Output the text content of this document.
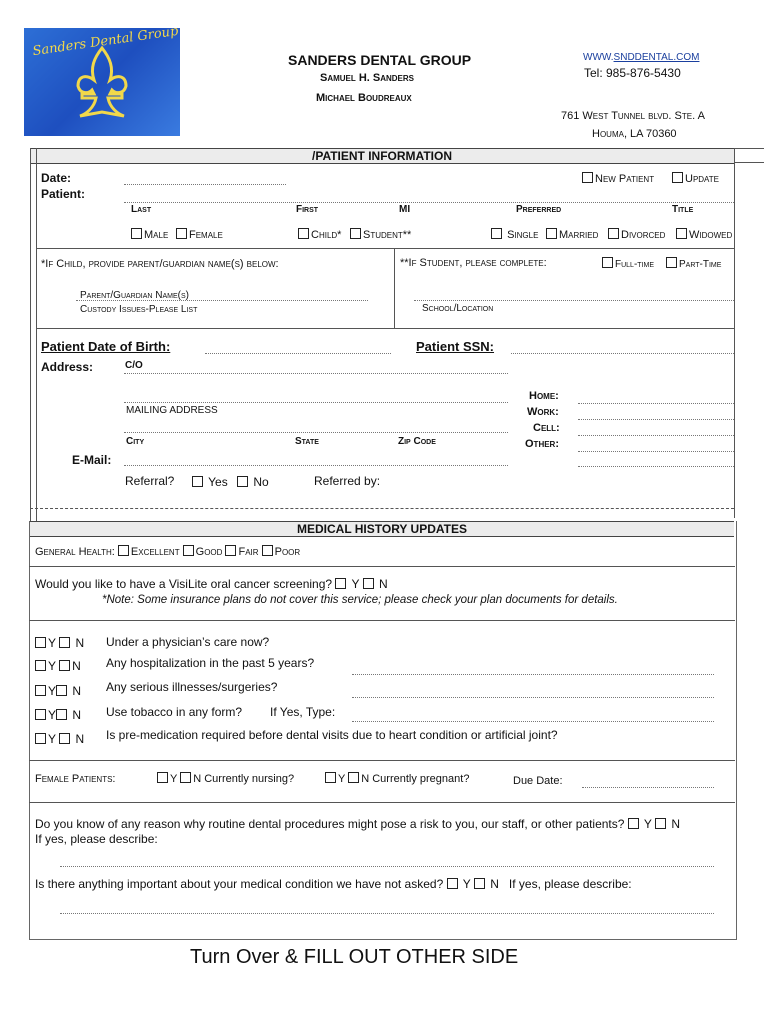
Sanders Dental Group
SANDERS DENTAL GROUP
Samuel H. Sanders
Michael Boudreaux
WWW.SNDDENTAL.COM
Tel: 985-876-5430
761 West Tunnel blvd. Ste. A
Houma, LA 70360
/PATIENT INFORMATION
Date:
Patient:
New Patient	Update
Last	First	MI	Preferred	Title
Male	Female	Child*	Student**	Single	Married	Divorced	Widowed
*If Child, provide parent/guardian name(s) below:	**If Student, please complete:	Full-time	Part-Time
Parent/Guardian Name(s)
Custody Issues-Please List	School/Location
Patient Date of Birth:	Patient SSN:
Address:	C/O
MAILING ADDRESS
City	State	Zip Code
Home:
Work:
Cell:
Other:
E-Mail:
Referral?	Yes	No	Referred by:
MEDICAL HISTORY UPDATES
General Health: Excellent Good Fair Poor
Would you like to have a VisiLite oral cancer screening? Y N
*Note: Some insurance plans do not cover this service; please check your plan documents for details.
Y N Under a physician’s care now?
Y N Any hospitalization in the past 5 years?
Y N Any serious illnesses/surgeries?
Y N Use tobacco in any form? If Yes, Type:
Y N Is pre-medication required before dental visits due to heart condition or artificial joint?
Female Patients:	Y N Currently nursing?	Y N Currently pregnant?	Due Date:
Do you know of any reason why routine dental procedures might pose a risk to you, our staff, or other patients? Y N
If yes, please describe:
Is there anything important about your medical condition we have not asked? Y N If yes, please describe:
Turn Over & FILL OUT OTHER SIDE
